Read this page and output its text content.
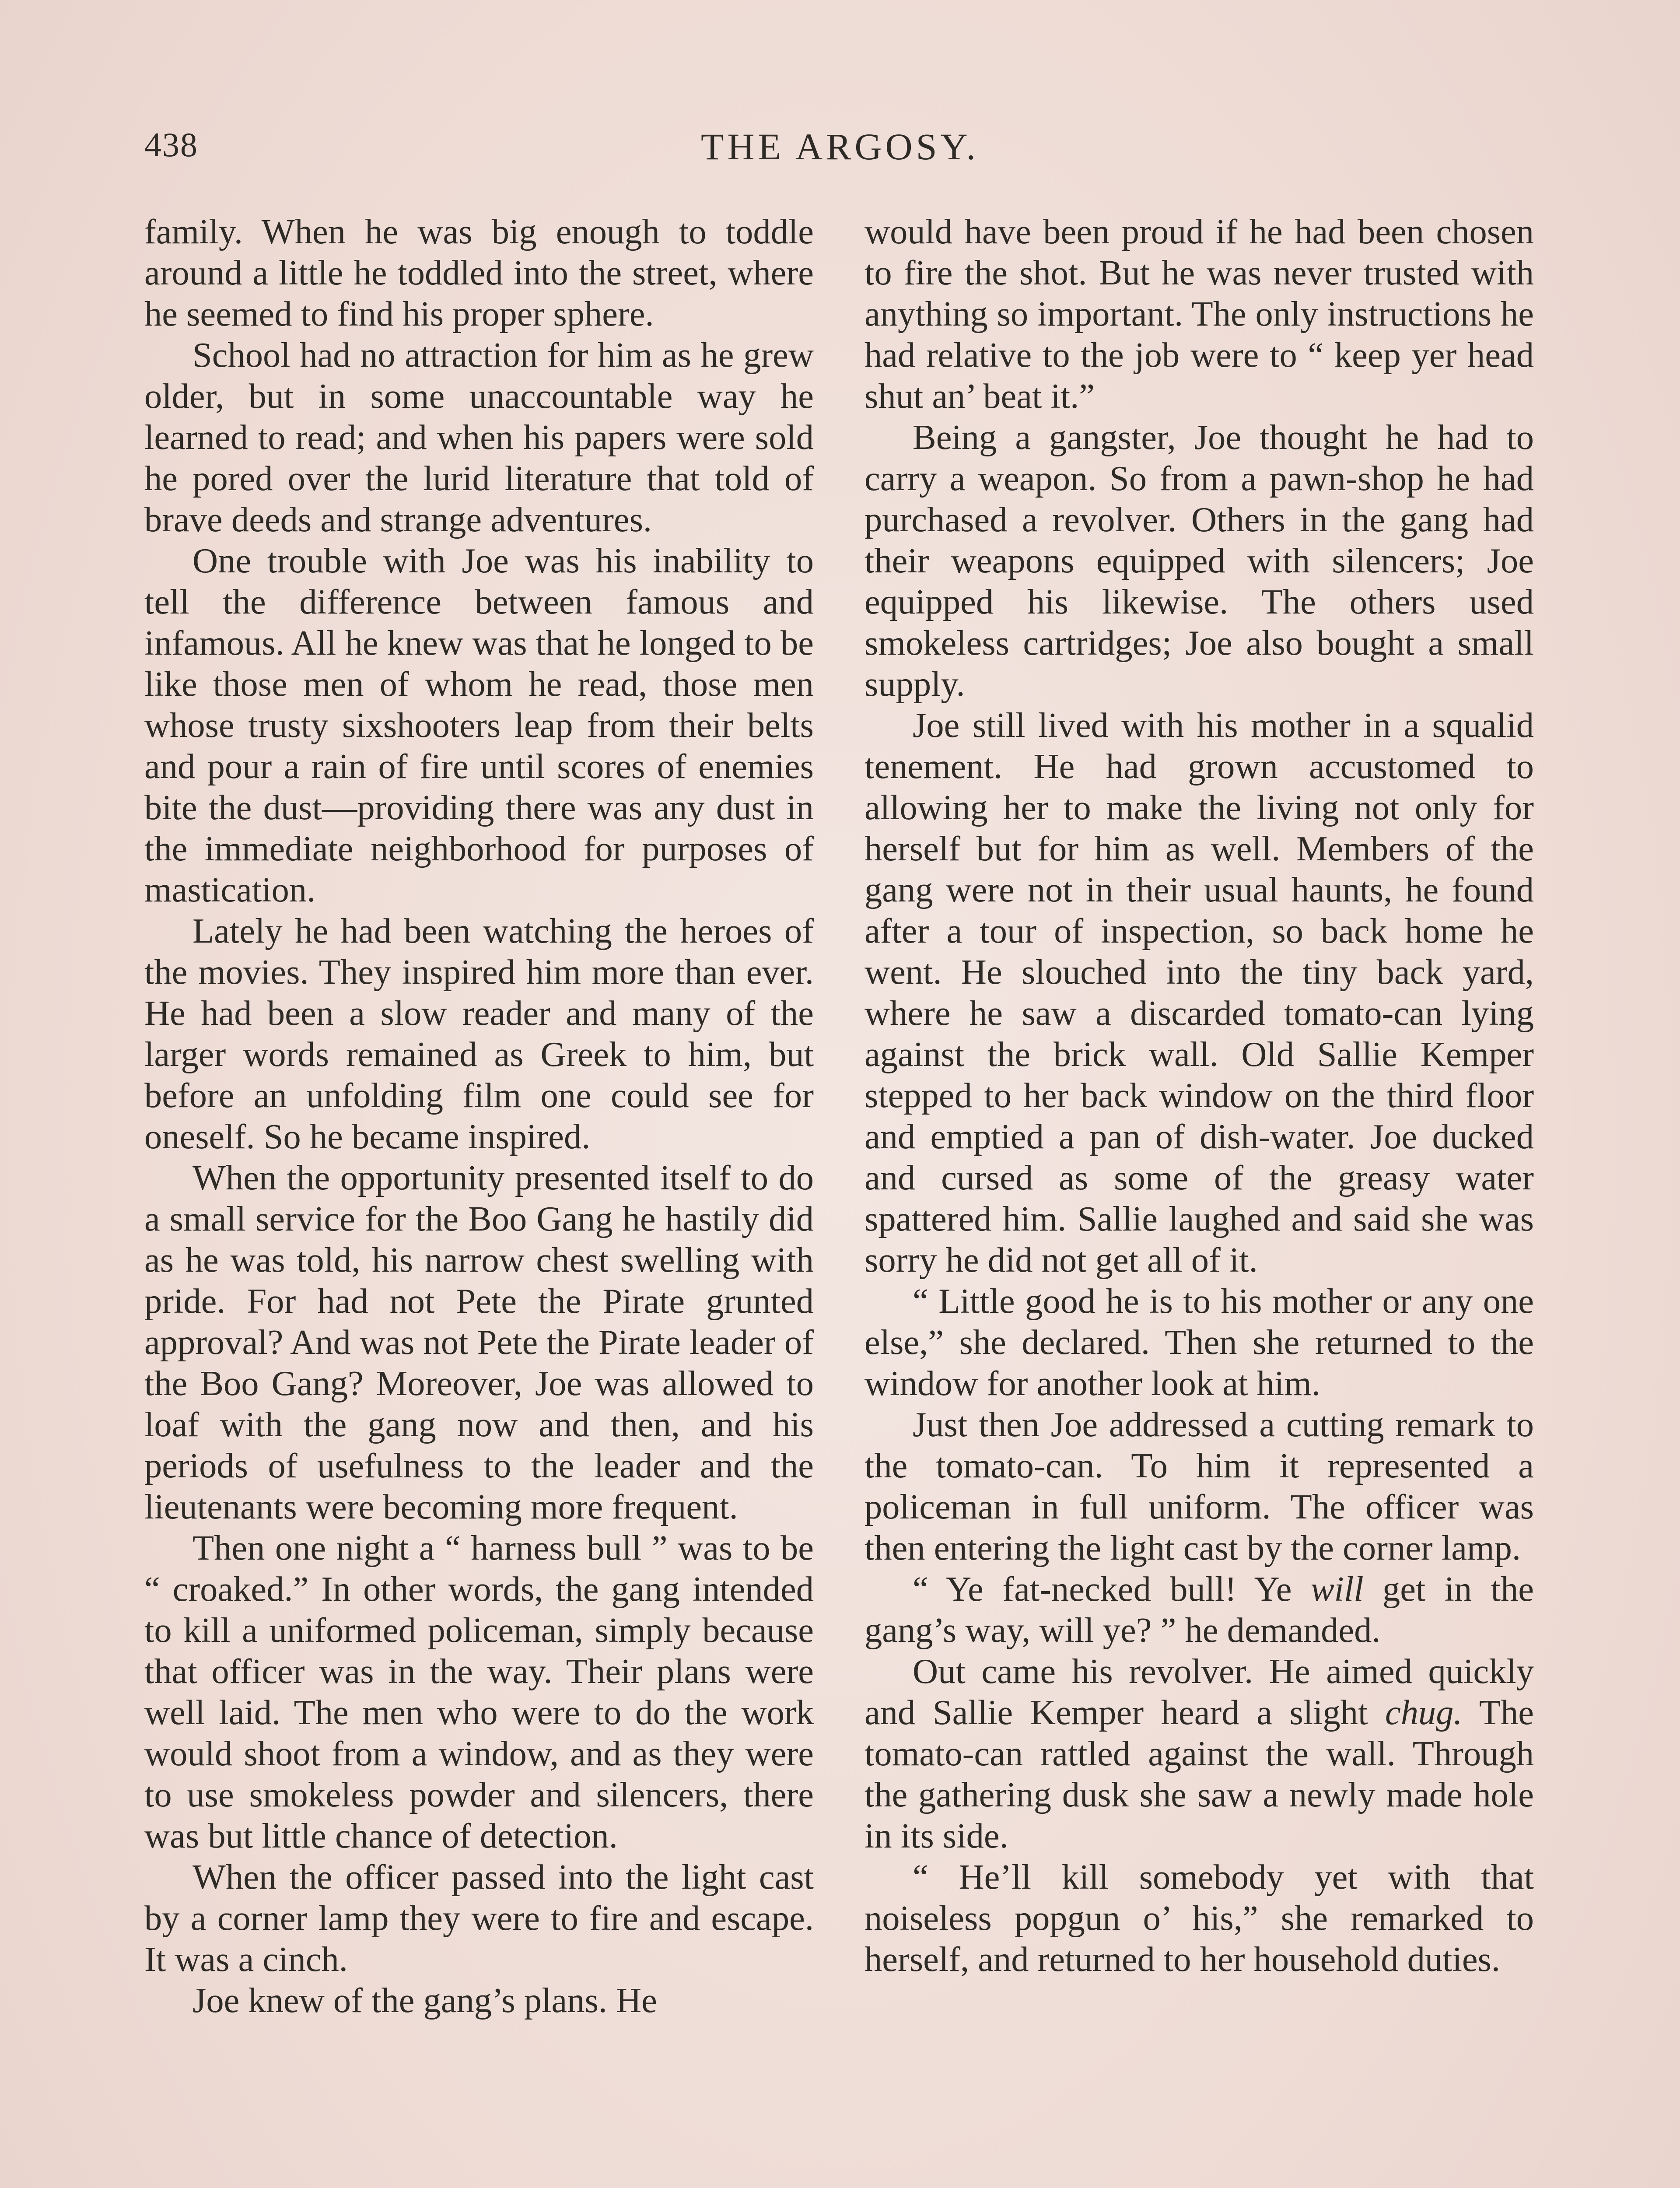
438	THE ARGOSY.

family. When he was big enough to toddle around a little he toddled into the street, where he seemed to find his proper sphere.

School had no attraction for him as he grew older, but in some unaccountable way he learned to read; and when his papers were sold he pored over the lurid literature that told of brave deeds and strange adventures.

One trouble with Joe was his inability to tell the difference between famous and infamous. All he knew was that he longed to be like those men of whom he read, those men whose trusty sixshooters leap from their belts and pour a rain of fire until scores of enemies bite the dust—providing there was any dust in the immediate neighborhood for purposes of mastication.

Lately he had been watching the heroes of the movies. They inspired him more than ever. He had been a slow reader and many of the larger words remained as Greek to him, but before an unfolding film one could see for oneself. So he became inspired.

When the opportunity presented itself to do a small service for the Boo Gang he hastily did as he was told, his narrow chest swelling with pride. For had not Pete the Pirate grunted approval? And was not Pete the Pirate leader of the Boo Gang? Moreover, Joe was allowed to loaf with the gang now and then, and his periods of usefulness to the leader and the lieutenants were becoming more frequent.

Then one night a “ harness bull ” was to be “ croaked.” In other words, the gang intended to kill a uniformed policeman, simply because that officer was in the way. Their plans were well laid. The men who were to do the work would shoot from a window, and as they were to use smokeless powder and silencers, there was but little chance of detection.

When the officer passed into the light cast by a corner lamp they were to fire and escape. It was a cinch.

Joe knew of the gang’s plans. He

would have been proud if he had been chosen to fire the shot. But he was never trusted with anything so important. The only instructions he had relative to the job were to “ keep yer head shut an’ beat it.”

Being a gangster, Joe thought he had to carry a weapon. So from a pawn-shop he had purchased a revolver. Others in the gang had their weapons equipped with silencers; Joe equipped his likewise. The others used smokeless cartridges; Joe also bought a small supply.

Joe still lived with his mother in a squalid tenement. He had grown accustomed to allowing her to make the living not only for herself but for him as well. Members of the gang were not in their usual haunts, he found after a tour of inspection, so back home he went. He slouched into the tiny back yard, where he saw a discarded tomato-can lying against the brick wall. Old Sallie Kemper stepped to her back window on the third floor and emptied a pan of dish-water. Joe ducked and cursed as some of the greasy water spattered him. Sallie laughed and said she was sorry he did not get all of it.

“ Little good he is to his mother or any one else,” she declared. Then she returned to the window for another look at him.

Just then Joe addressed a cutting remark to the tomato-can. To him it represented a policeman in full uniform. The officer was then entering the light cast by the corner lamp.

“ Ye fat-necked bull! Ye will get in the gang’s way, will ye? ” he demanded.

Out came his revolver. He aimed quickly and Sallie Kemper heard a slight chug. The tomato-can rattled against the wall. Through the gathering dusk she saw a newly made hole in its side.

“ He’ll kill somebody yet with that noiseless popgun o’ his,” she remarked to herself, and returned to her household duties.
